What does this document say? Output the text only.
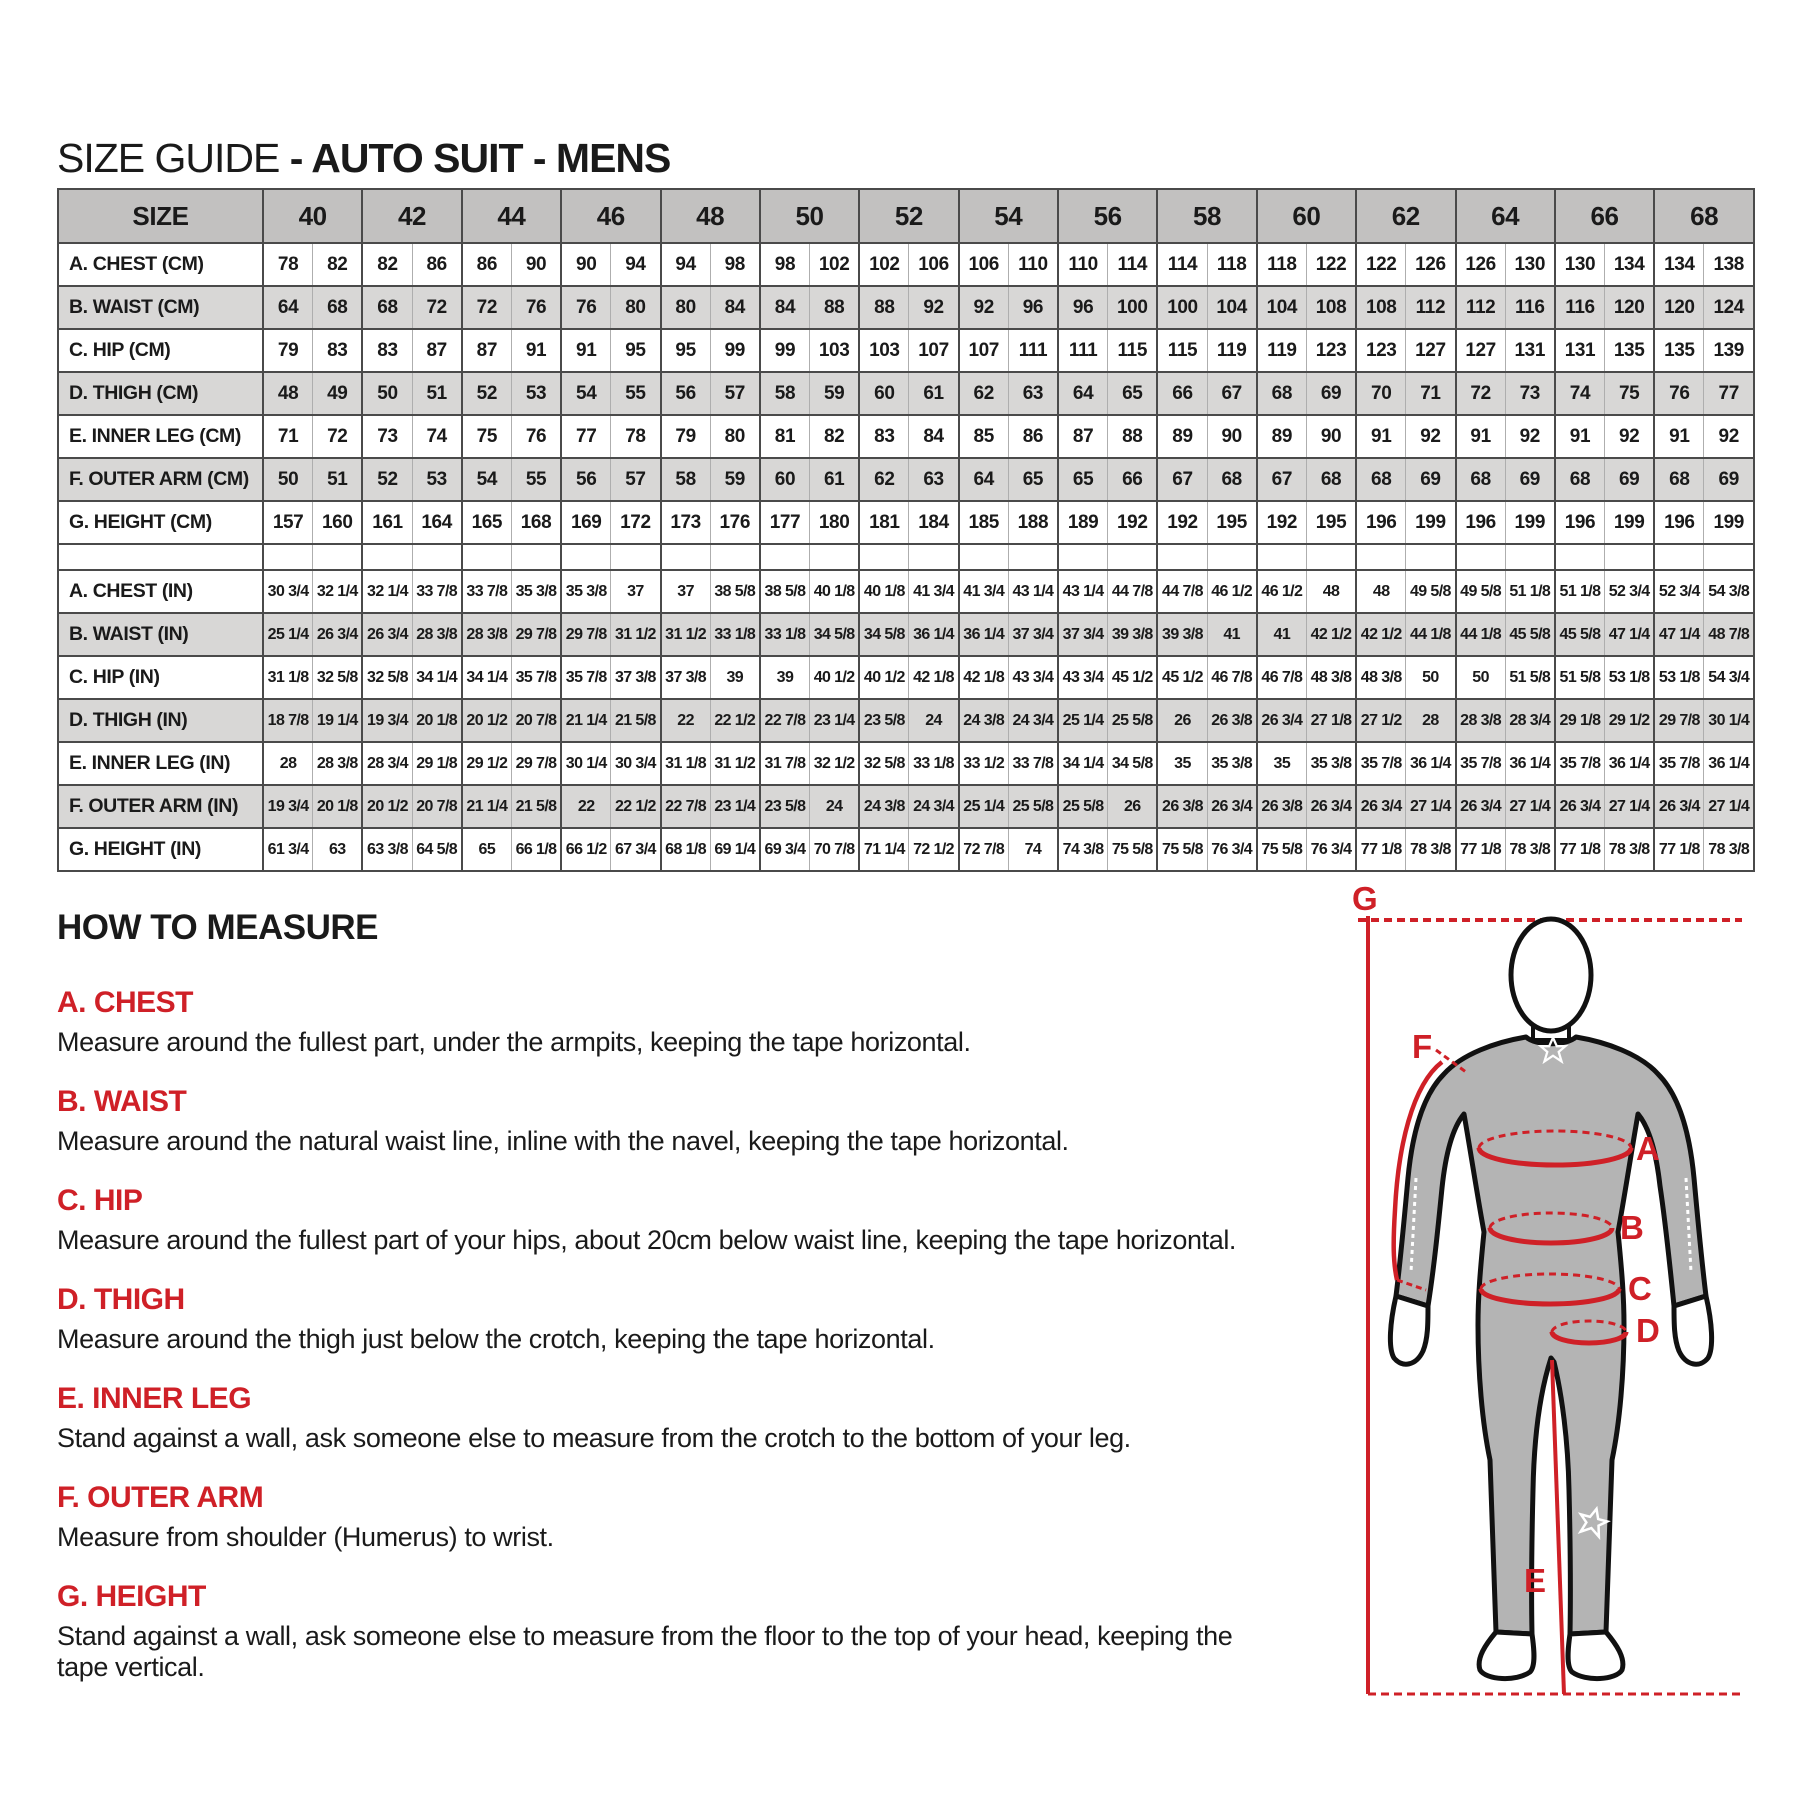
SIZE GUIDE - AUTO SUIT - MENS
SIZE	40		42		44		46		48		50		52		54		56		58		60		62		64		66		68	
A. CHEST (CM)	78	82	82	86	86	90	90	94	94	98	98	102	102	106	106	110	110	114	114	118	118	122	122	126	126	130	130	134	134	138
B. WAIST (CM)	64	68	68	72	72	76	76	80	80	84	84	88	88	92	92	96	96	100	100	104	104	108	108	112	112	116	116	120	120	124
C. HIP (CM)	79	83	83	87	87	91	91	95	95	99	99	103	103	107	107	111	111	115	115	119	119	123	123	127	127	131	131	135	135	139
D. THIGH (CM)	48	49	50	51	52	53	54	55	56	57	58	59	60	61	62	63	64	65	66	67	68	69	70	71	72	73	74	75	76	77
E. INNER LEG (CM)	71	72	73	74	75	76	77	78	79	80	81	82	83	84	85	86	87	88	89	90	89	90	91	92	91	92	91	92	91	92
F. OUTER ARM (CM)	50	51	52	53	54	55	56	57	58	59	60	61	62	63	64	65	65	66	67	68	67	68	68	69	68	69	68	69	68	69
G. HEIGHT (CM)	157	160	161	164	165	168	169	172	173	176	177	180	181	184	185	188	189	192	192	195	192	195	196	199	196	199	196	199	196	199

A. CHEST (IN)	30 3/4	32 1/4	32 1/4	33 7/8	33 7/8	35 3/8	35 3/8	37	37	38 5/8	38 5/8	40 1/8	40 1/8	41 3/4	41 3/4	43 1/4	43 1/4	44 7/8	44 7/8	46 1/2	46 1/2	48	48	49 5/8	49 5/8	51 1/8	51 1/8	52 3/4	52 3/4	54 3/8
B. WAIST (IN)	25 1/4	26 3/4	26 3/4	28 3/8	28 3/8	29 7/8	29 7/8	31 1/2	31 1/2	33 1/8	33 1/8	34 5/8	34 5/8	36 1/4	36 1/4	37 3/4	37 3/4	39 3/8	39 3/8	41	41	42 1/2	42 1/2	44 1/8	44 1/8	45 5/8	45 5/8	47 1/4	47 1/4	48 7/8
C. HIP (IN)	31 1/8	32 5/8	32 5/8	34 1/4	34 1/4	35 7/8	35 7/8	37 3/8	37 3/8	39	39	40 1/2	40 1/2	42 1/8	42 1/8	43 3/4	43 3/4	45 1/2	45 1/2	46 7/8	46 7/8	48 3/8	48 3/8	50	50	51 5/8	51 5/8	53 1/8	53 1/8	54 3/4
D. THIGH (IN)	18 7/8	19 1/4	19 3/4	20 1/8	20 1/2	20 7/8	21 1/4	21 5/8	22	22 1/2	22 7/8	23 1/4	23 5/8	24	24 3/8	24 3/4	25 1/4	25 5/8	26	26 3/8	26 3/4	27 1/8	27 1/2	28	28 3/8	28 3/4	29 1/8	29 1/2	29 7/8	30 1/4
E. INNER LEG (IN)	28	28 3/8	28 3/4	29 1/8	29 1/2	29 7/8	30 1/4	30 3/4	31 1/8	31 1/2	31 7/8	32 1/2	32 5/8	33 1/8	33 1/2	33 7/8	34 1/4	34 5/8	35	35 3/8	35	35 3/8	35 7/8	36 1/4	35 7/8	36 1/4	35 7/8	36 1/4	35 7/8	36 1/4
F. OUTER ARM (IN)	19 3/4	20 1/8	20 1/2	20 7/8	21 1/4	21 5/8	22	22 1/2	22 7/8	23 1/4	23 5/8	24	24 3/8	24 3/4	25 1/4	25 5/8	25 5/8	26	26 3/8	26 3/4	26 3/8	26 3/4	26 3/4	27 1/4	26 3/4	27 1/4	26 3/4	27 1/4	26 3/4	27 1/4
G. HEIGHT (IN)	61 3/4	63	63 3/8	64 5/8	65	66 1/8	66 1/2	67 3/4	68 1/8	69 1/4	69 3/4	70 7/8	71 1/4	72 1/2	72 7/8	74	74 3/8	75 5/8	75 5/8	76 3/4	75 5/8	76 3/4	77 1/8	78 3/8	77 1/8	78 3/8	77 1/8	78 3/8	77 1/8	78 3/8
HOW TO MEASURE
A. CHEST

Measure around the fullest part, under the armpits, keeping the tape horizontal.

B. WAIST

Measure around the natural waist line, inline with the navel, keeping the tape horizontal.

C. HIP

Measure around the fullest part of your hips, about 20cm below waist line, keeping the tape horizontal.

D. THIGH

Measure around the thigh just below the crotch, keeping the tape horizontal.

E. INNER LEG

Stand against a wall, ask someone else to measure from the crotch to the bottom of your leg.

F. OUTER ARM

Measure from shoulder (Humerus) to wrist.

G. HEIGHT

Stand against a wall, ask someone else to measure from the floor to the top of your head, keeping the tape vertical.

G
F
A
B
C
D
E
